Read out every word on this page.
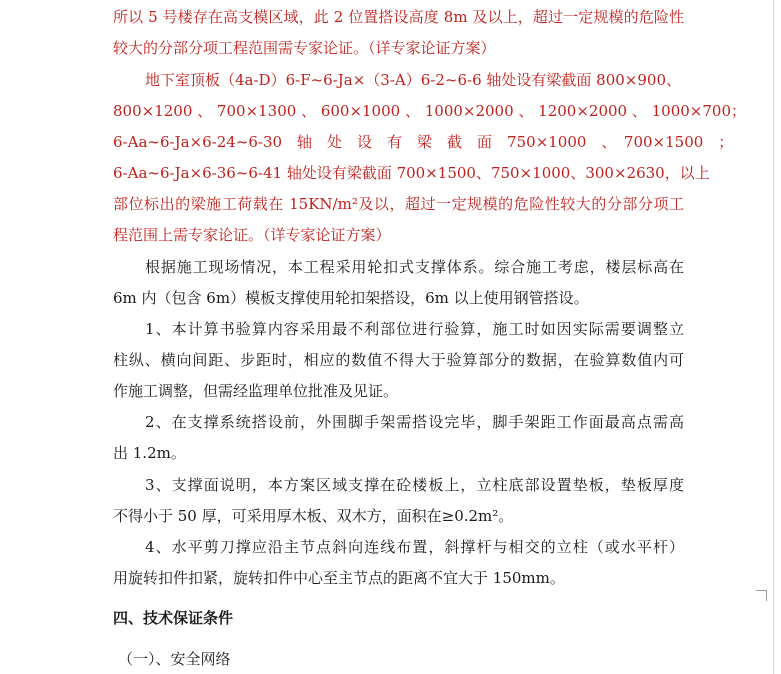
所以 5 号楼存在高支模区域，此 2 位置搭设高度 8m 及以上，超过一定规模的危险性
较大的分部分项工程范围需专家论证。（详专家论证方案）
地下室顶板（4a-D）6-F~6-Ja×（3-A）6-2~6-6 轴处设有梁截面 800×900、
800×1200 、 700×1300 、 600×1000 、 1000×2000 、 1200×2000 、 1000×700；
6-Aa~6-Ja×6-24~6-30　轴　处　设　有　梁　截　面　750×1000　、　700×1500　；
6-Aa~6-Ja×6-36~6-41 轴处设有梁截面 700×1500、750×1000、300×2630，以上
部位标出的梁施工荷载在 15KN/m²及以，超过一定规模的危险性较大的分部分项工
程范围上需专家论证。（详专家论证方案）
根据施工现场情况，本工程采用轮扣式支撑体系。综合施工考虑，楼层标高在
6m 内（包含 6m）模板支撑使用轮扣架搭设，6m 以上使用钢管搭设。
1、本计算书验算内容采用最不利部位进行验算，施工时如因实际需要调整立
柱纵、横向间距、步距时，相应的数值不得大于验算部分的数据，在验算数值内可
作施工调整，但需经监理单位批准及见证。
2、在支撑系统搭设前，外围脚手架需搭设完毕，脚手架距工作面最高点需高
出 1.2m。
3、支撑面说明，本方案区域支撑在砼楼板上，立柱底部设置垫板，垫板厚度
不得小于 50 厚，可采用厚木板、双木方，面积在≥0.2m²。
4、水平剪刀撑应沿主节点斜向连线布置，斜撑杆与相交的立柱（或水平杆）
用旋转扣件扣紧，旋转扣件中心至主节点的距离不宜大于 150mm。
四、技术保证条件
（一）、安全网络
